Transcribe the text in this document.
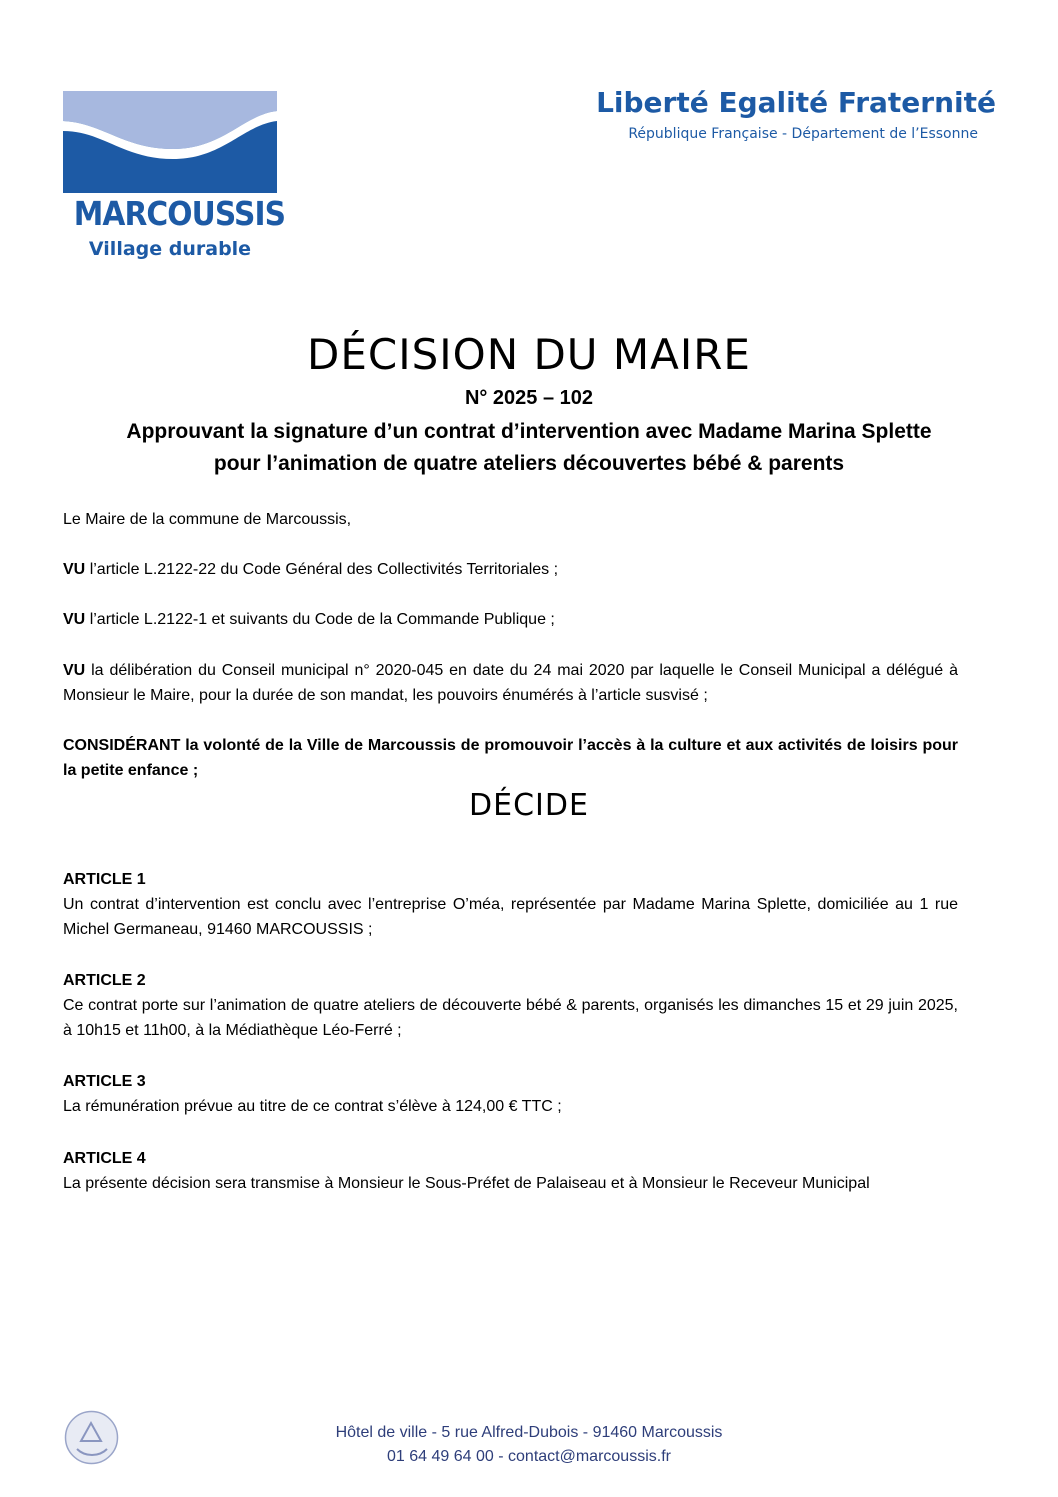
MARCOUSSIS
Village durable
Liberté Egalité Fraternité
République Française - Département de l’Essonne
DÉCISION DU MAIRE
N° 2025 – 102
Approuvant la signature d’un contrat d’intervention avec Madame Marina Splette
pour l’animation de quatre ateliers découvertes bébé & parents
Le Maire de la commune de Marcoussis,
VU l’article L.2122-22 du Code Général des Collectivités Territoriales ;
VU l’article L.2122-1 et suivants du Code de la Commande Publique ;
VU la délibération du Conseil municipal n° 2020-045 en date du 24 mai 2020 par laquelle le Conseil Municipal a délégué à Monsieur le Maire, pour la durée de son mandat, les pouvoirs énumérés à l’article susvisé ;
CONSIDÉRANT la volonté de la Ville de Marcoussis de promouvoir l’accès à la culture et aux activités de loisirs pour la petite enfance ;
DÉCIDE
ARTICLE 1
Un contrat d’intervention est conclu avec l’entreprise O’méa, représentée par Madame Marina Splette, domiciliée au 1 rue Michel Germaneau, 91460 MARCOUSSIS ;
ARTICLE 2
Ce contrat porte sur l’animation de quatre ateliers de découverte bébé & parents, organisés les dimanches 15 et 29 juin 2025, à 10h15 et 11h00, à la Médiathèque Léo-Ferré ;
ARTICLE 3
La rémunération prévue au titre de ce contrat s’élève à 124,00 € TTC ;
ARTICLE 4
La présente décision sera transmise à Monsieur le Sous-Préfet de Palaiseau et à Monsieur le Receveur Municipal
Hôtel de ville - 5 rue Alfred-Dubois - 91460 Marcoussis
01 64 49 64 00 - contact@marcoussis.fr
